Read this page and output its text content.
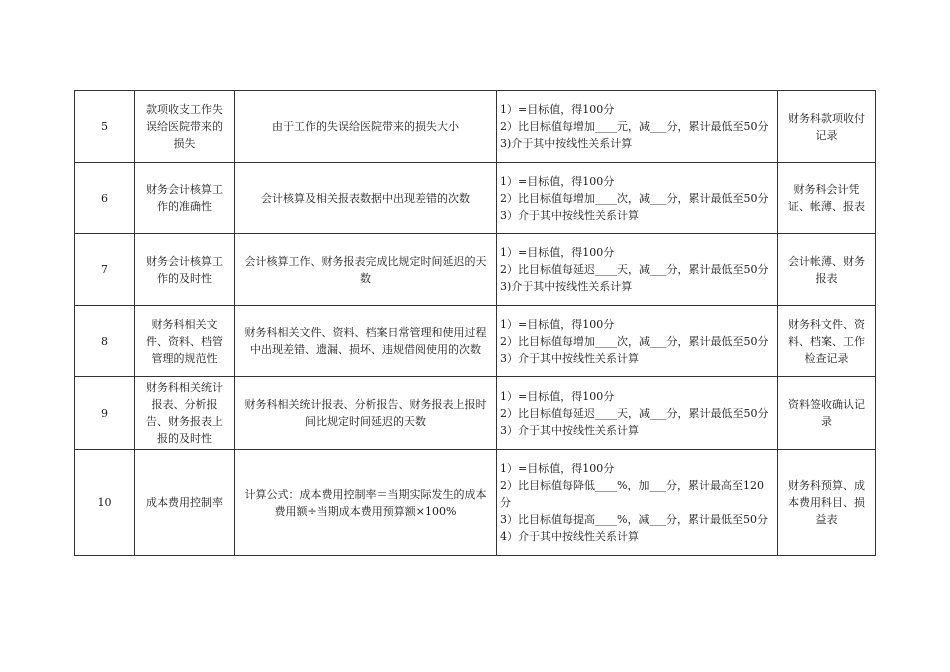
5	款项收支工作失误给医院带来的损失	由于工作的失误给医院带来的损失大小	1）=目标值，得100分
2）比目标值每增加____元，减___分，累计最低至50分
3)介于其中按线性关系计算	财务科款项收付记录
6	财务会计核算工作的准确性	会计核算及相关报表数据中出现差错的次数	1）=目标值，得100分
2）比目标值每增加____次，减___分，累计最低至50分
3）介于其中按线性关系计算	财务科会计凭证、帐薄、报表
7	财务会计核算工作的及时性	会计核算工作、财务报表完成比规定时间延迟的天数	1）=目标值，得100分
2）比目标值每延迟____天，减___分，累计最低至50分
3)介于其中按线性关系计算	会计帐薄、财务报表
8	财务科相关文件、资料、档管管理的规范性	财务科相关文件、资料、档案日常管理和使用过程中出现差错、遗漏、损坏、违规借阅使用的次数	1）=目标值，得100分
2）比目标值每增加____次，减___分，累计最低至50分
3）介于其中按线性关系计算	财务科文件、资料、档案、工作检查记录
9	财务科相关统计报表、分析报告、财务报表上报的及时性	财务科相关统计报表、分析报告、财务报表上报时间比规定时间延迟的天数	1）=目标值，得100分
2）比目标值每延迟____天，减___分，累计最低至50分
3）介于其中按线性关系计算	资料签收确认记录
10	成本费用控制率	计算公式：成本费用控制率＝当期实际发生的成本费用额÷当期成本费用预算额×100%	1）=目标值，得100分
2）比目标值每降低____%，加___分，累计最高至120分
3）比目标值每提高____%，减___分，累计最低至50分
4）介于其中按线性关系计算	财务科预算、成本费用科目、损益表
